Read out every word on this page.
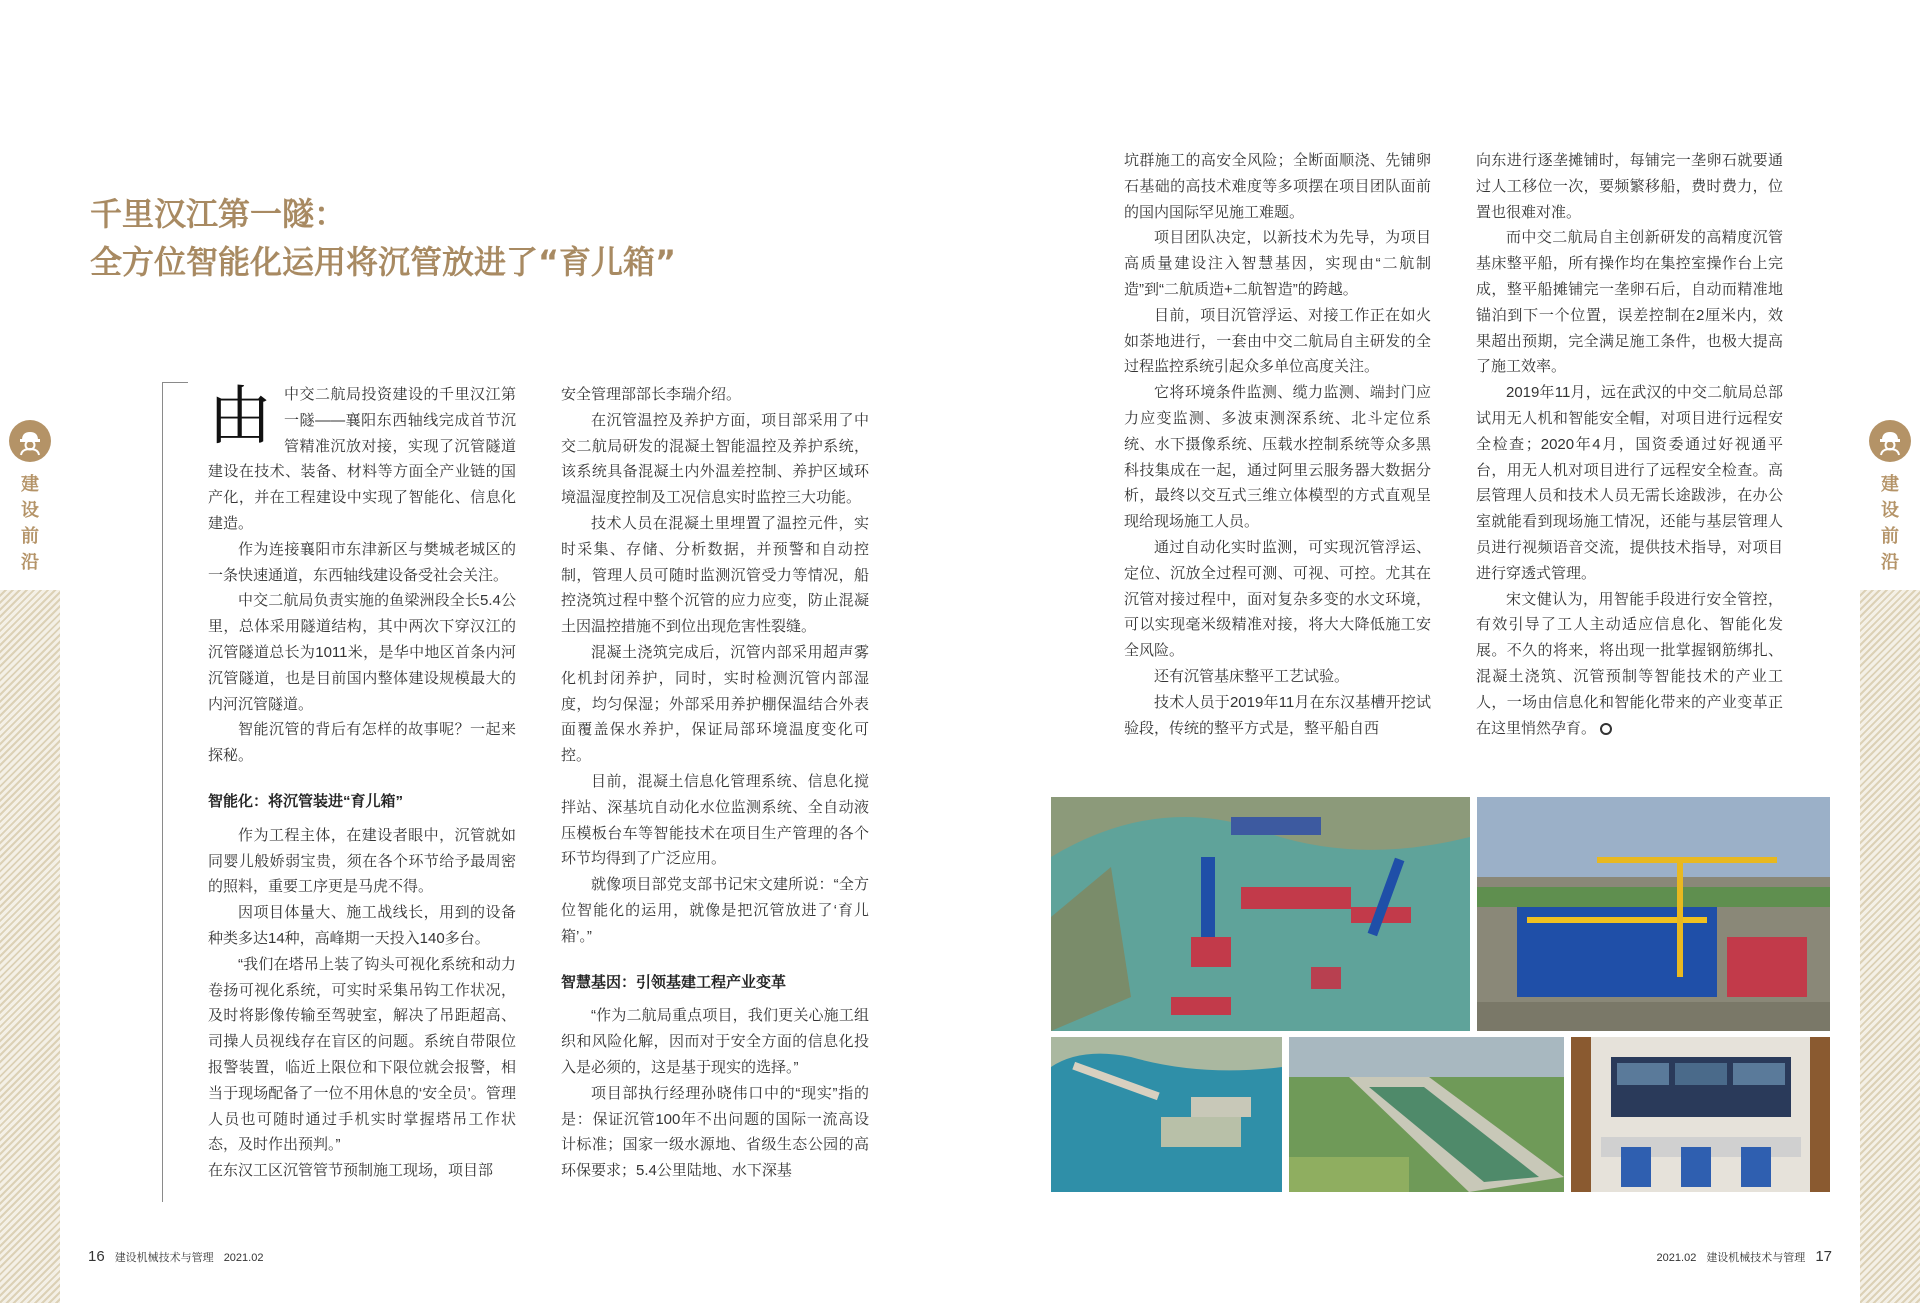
建设前沿
建设前沿
千里汉江第一隧：
全方位智能化运用将沉管放进了“育儿箱”

由中交二航局投资建设的千里汉江第一隧——襄阳东西轴线完成首节沉管精准沉放对接，实现了沉管隧道建设在技术、装备、材料等方面全产业链的国产化，并在工程建设中实现了智能化、信息化建造。

作为连接襄阳市东津新区与樊城老城区的一条快速通道，东西轴线建设备受社会关注。

中交二航局负责实施的鱼梁洲段全长5.4公里，总体采用隧道结构，其中两次下穿汉江的沉管隧道总长为1011米，是华中地区首条内河沉管隧道，也是目前国内整体建设规模最大的内河沉管隧道。

智能沉管的背后有怎样的故事呢？一起来探秘。

智能化：将沉管装进“育儿箱”

作为工程主体，在建设者眼中，沉管就如同婴儿般娇弱宝贵，须在各个环节给予最周密的照料，重要工序更是马虎不得。

因项目体量大、施工战线长，用到的设备种类多达14种，高峰期一天投入140多台。

“我们在塔吊上装了钩头可视化系统和动力卷扬可视化系统，可实时采集吊钩工作状况，及时将影像传输至驾驶室，解决了吊距超高、司操人员视线存在盲区的问题。系统自带限位报警装置，临近上限位和下限位就会报警，相当于现场配备了一位不用休息的‘安全员’。管理人员也可随时通过手机实时掌握塔吊工作状态，及时作出预判。”

在东汉工区沉管管节预制施工现场，项目部

安全管理部部长李瑞介绍。

在沉管温控及养护方面，项目部采用了中交二航局研发的混凝土智能温控及养护系统，该系统具备混凝土内外温差控制、养护区域环境温湿度控制及工况信息实时监控三大功能。

技术人员在混凝土里埋置了温控元件，实时采集、存储、分析数据，并预警和自动控制，管理人员可随时监测沉管受力等情况，船控浇筑过程中整个沉管的应力应变，防止混凝土因温控措施不到位出现危害性裂缝。

混凝土浇筑完成后，沉管内部采用超声雾化机封闭养护，同时，实时检测沉管内部湿度，均匀保湿；外部采用养护棚保温结合外表面覆盖保水养护，保证局部环境温度变化可控。

目前，混凝土信息化管理系统、信息化搅拌站、深基坑自动化水位监测系统、全自动液压模板台车等智能技术在项目生产管理的各个环节均得到了广泛应用。

就像项目部党支部书记宋文建所说：“全方位智能化的运用，就像是把沉管放进了‘育儿箱’。”

智慧基因：引领基建工程产业变革

“作为二航局重点项目，我们更关心施工组织和风险化解，因而对于安全方面的信息化投入是必须的，这是基于现实的选择。”

项目部执行经理孙晓伟口中的“现实”指的是：保证沉管100年不出问题的国际一流高设计标准；国家一级水源地、省级生态公园的高环保要求；5.4公里陆地、水下深基

坑群施工的高安全风险；全断面顺浇、先铺卵石基础的高技术难度等多项摆在项目团队面前的国内国际罕见施工难题。

项目团队决定，以新技术为先导，为项目高质量建设注入智慧基因，实现由“二航制造”到“二航质造+二航智造”的跨越。

目前，项目沉管浮运、对接工作正在如火如荼地进行，一套由中交二航局自主研发的全过程监控系统引起众多单位高度关注。

它将环境条件监测、缆力监测、端封门应力应变监测、多波束测深系统、北斗定位系统、水下摄像系统、压载水控制系统等众多黑科技集成在一起，通过阿里云服务器大数据分析，最终以交互式三维立体模型的方式直观呈现给现场施工人员。

通过自动化实时监测，可实现沉管浮运、定位、沉放全过程可测、可视、可控。尤其在沉管对接过程中，面对复杂多变的水文环境，可以实现毫米级精准对接，将大大降低施工安全风险。

还有沉管基床整平工艺试验。

技术人员于2019年11月在东汉基槽开挖试验段，传统的整平方式是，整平船自西

向东进行逐垄摊铺时，每铺完一垄卵石就要通过人工移位一次，要频繁移船，费时费力，位置也很难对准。

而中交二航局自主创新研发的高精度沉管基床整平船，所有操作均在集控室操作台上完成，整平船摊铺完一垄卵石后，自动而精准地锚泊到下一个位置，误差控制在2厘米内，效果超出预期，完全满足施工条件，也极大提高了施工效率。

2019年11月，远在武汉的中交二航局总部试用无人机和智能安全帽，对项目进行远程安全检查；2020年4月，国资委通过好视通平台，用无人机对项目进行了远程安全检查。高层管理人员和技术人员无需长途跋涉，在办公室就能看到现场施工情况，还能与基层管理人员进行视频语音交流，提供技术指导，对项目进行穿透式管理。

宋文健认为，用智能手段进行安全管控，有效引导了工人主动适应信息化、智能化发展。不久的将来，将出现一批掌握钢筋绑扎、混凝土浇筑、沉管预制等智能技术的产业工人，一场由信息化和智能化带来的产业变革正在这里悄然孕育。

16 建设机械技术与管理 2021.02	2021.02 建设机械技术与管理 17
